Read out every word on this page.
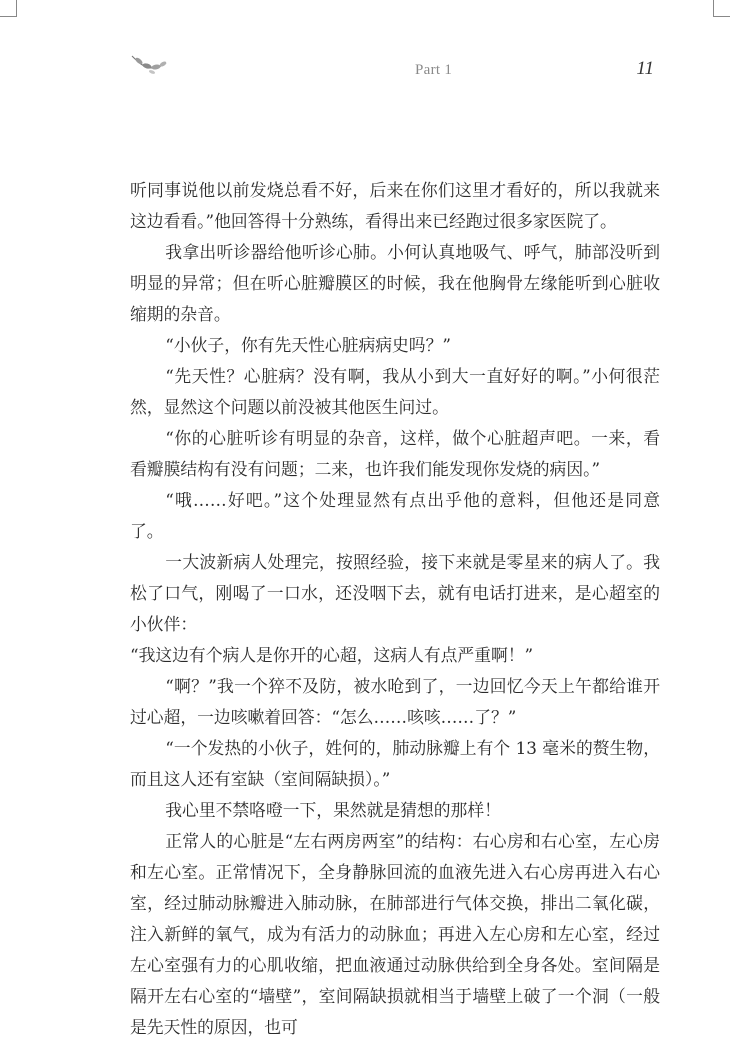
Part 1	11

听同事说他以前发烧总看不好，后来在你们这里才看好的，所以我就来这边看看。”他回答得十分熟练，看得出来已经跑过很多家医院了。

我拿出听诊器给他听诊心肺。小何认真地吸气、呼气，肺部没听到明显的异常；但在听心脏瓣膜区的时候，我在他胸骨左缘能听到心脏收缩期的杂音。

“小伙子，你有先天性心脏病病史吗？”

“先天性？心脏病？没有啊，我从小到大一直好好的啊。”小何很茫然，显然这个问题以前没被其他医生问过。

“你的心脏听诊有明显的杂音，这样，做个心脏超声吧。一来，看看瓣膜结构有没有问题；二来，也许我们能发现你发烧的病因。”

“哦……好吧。”这个处理显然有点出乎他的意料，但他还是同意了。

一大波新病人处理完，按照经验，接下来就是零星来的病人了。我松了口气，刚喝了一口水，还没咽下去，就有电话打进来，是心超室的小伙伴：

“我这边有个病人是你开的心超，这病人有点严重啊！”

“啊？”我一个猝不及防，被水呛到了，一边回忆今天上午都给谁开过心超，一边咳嗽着回答：“怎么……咳咳……了？”

“一个发热的小伙子，姓何的，肺动脉瓣上有个 13 毫米的赘生物，而且这人还有室缺（室间隔缺损）。”

我心里不禁咯噔一下，果然就是猜想的那样！

正常人的心脏是“左右两房两室”的结构：右心房和右心室，左心房和左心室。正常情况下，全身静脉回流的血液先进入右心房再进入右心室，经过肺动脉瓣进入肺动脉，在肺部进行气体交换，排出二氧化碳，注入新鲜的氧气，成为有活力的动脉血；再进入左心房和左心室，经过左心室强有力的心肌收缩，把血液通过动脉供给到全身各处。室间隔是隔开左右心室的“墙壁”，室间隔缺损就相当于墙壁上破了一个洞（一般是先天性的原因，也可
